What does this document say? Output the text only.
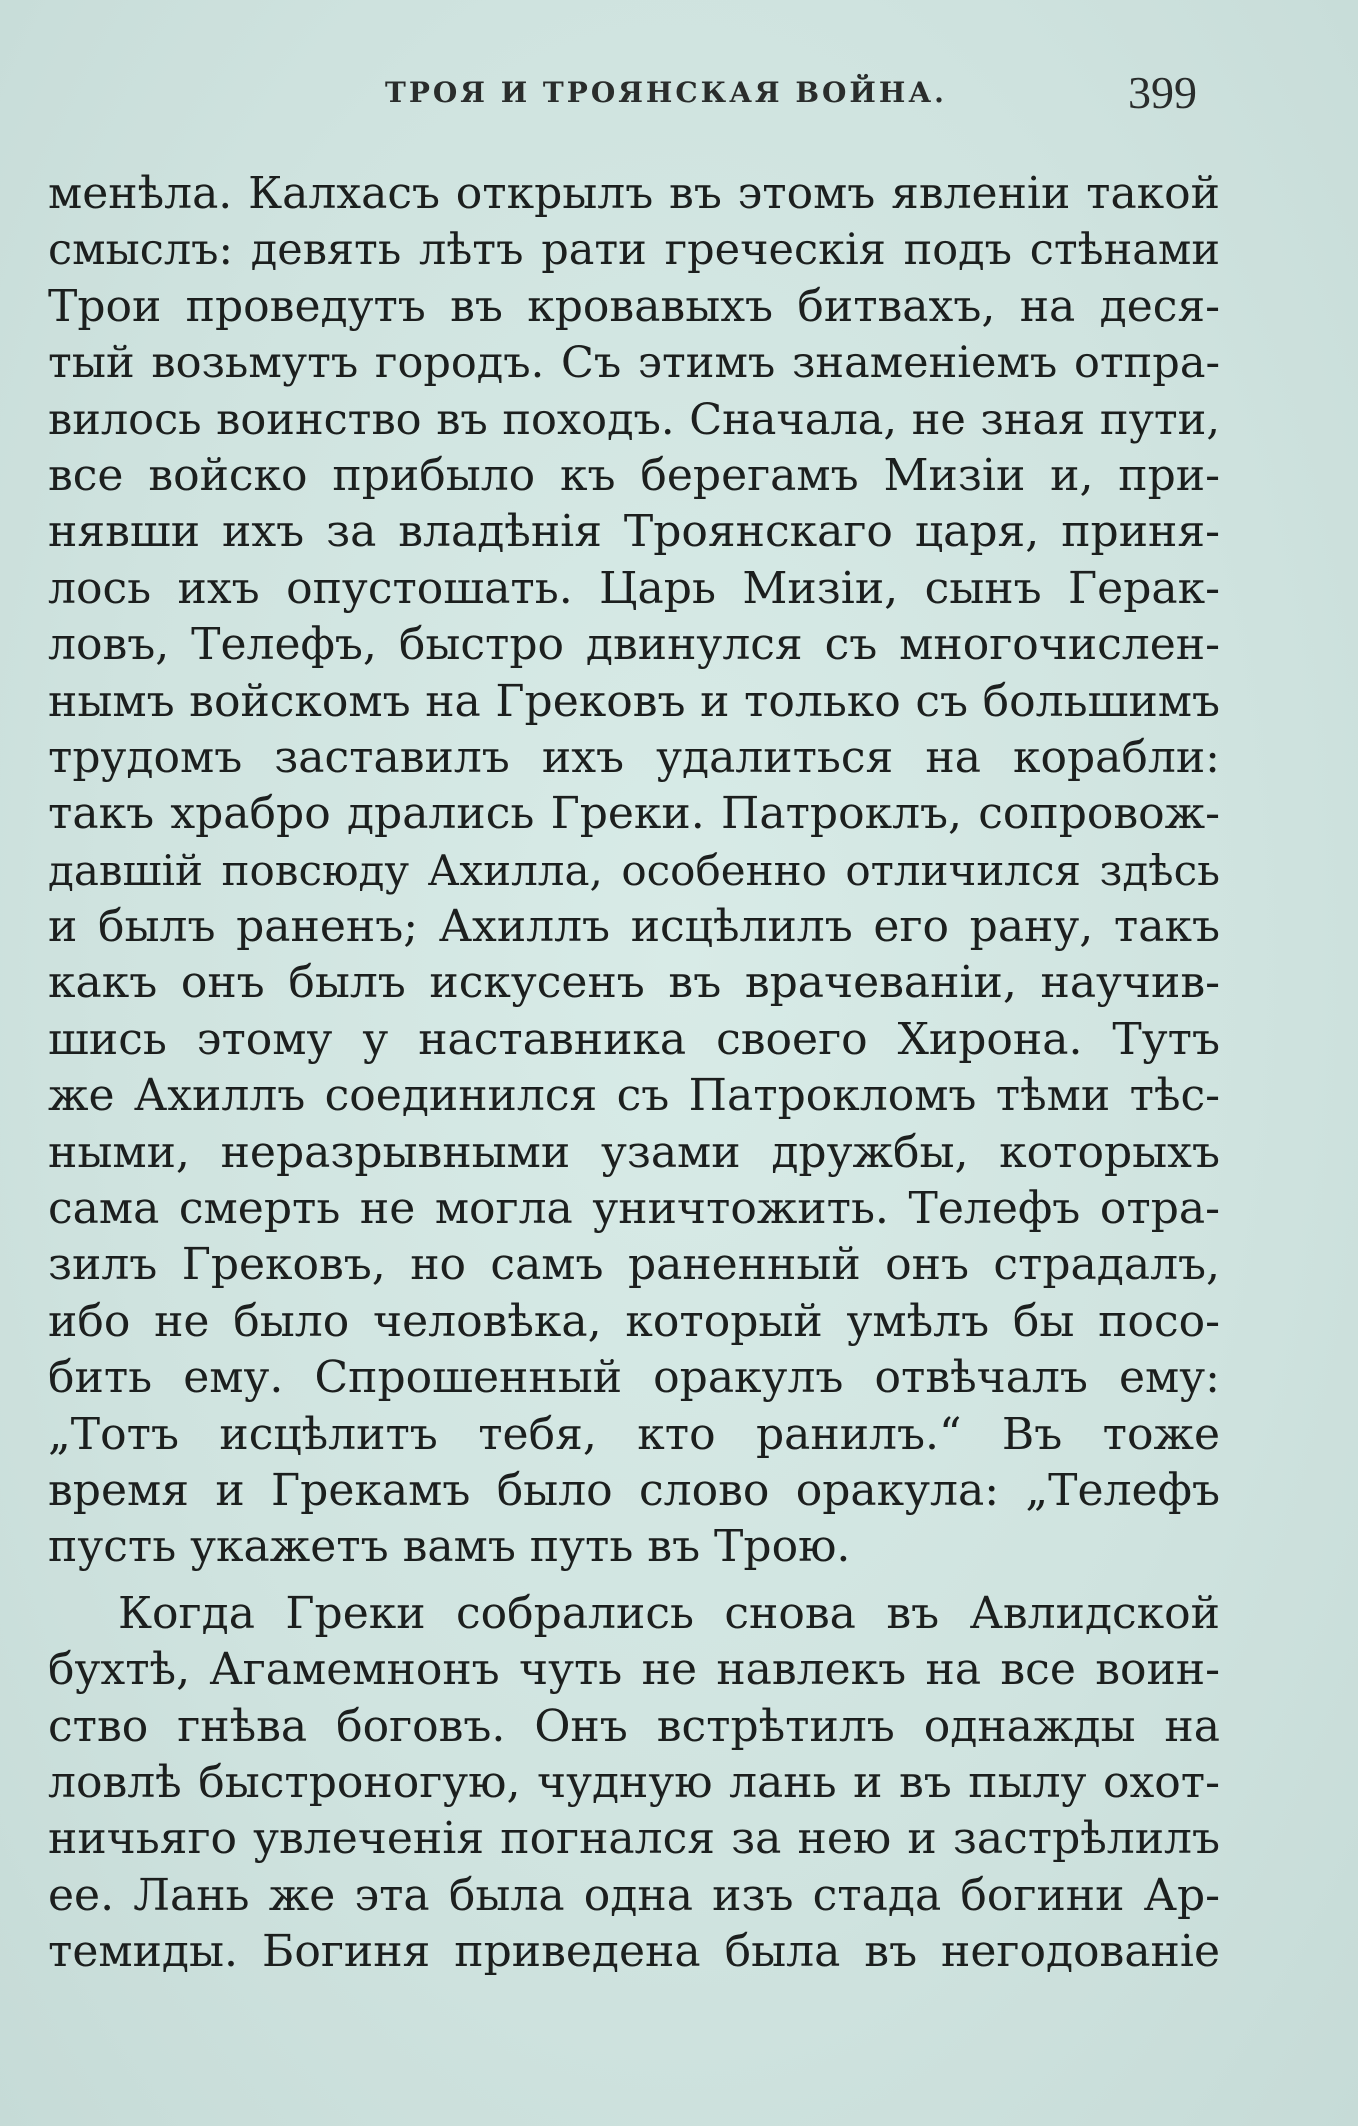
ТРОЯ И ТРОЯНСКАЯ ВОЙНА.	399
менѣла. Калхасъ открылъ въ этомъ явленіи такой
смыслъ: девять лѣтъ рати греческія подъ стѣнами
Трои проведутъ въ кровавыхъ битвахъ, на деся-
тый возьмутъ городъ. Съ этимъ знаменіемъ отпра-
вилось воинство въ походъ. Сначала, не зная пути,
все войско прибыло къ берегамъ Мизіи и, при-
нявши ихъ за владѣнія Троянскаго царя, приня-
лось ихъ опустошать. Царь Мизіи, сынъ Герак-
ловъ, Телефъ, быстро двинулся съ многочислен-
нымъ войскомъ на Грековъ и только съ большимъ
трудомъ заставилъ ихъ удалиться на корабли:
такъ храбро дрались Греки. Патроклъ, сопровож-
давшій повсюду Ахилла, особенно отличился здѣсь
и былъ раненъ; Ахиллъ исцѣлилъ его рану, такъ
какъ онъ былъ искусенъ въ врачеваніи, научив-
шись этому у наставника своего Хирона. Тутъ
же Ахиллъ соединился съ Патрокломъ тѣми тѣс-
ными, неразрывными узами дружбы, которыхъ
сама смерть не могла уничтожить. Телефъ отра-
зилъ Грековъ, но самъ раненный онъ страдалъ,
ибо не было человѣка, который умѣлъ бы посо-
бить ему. Спрошенный оракулъ отвѣчалъ ему:
„Тотъ исцѣлитъ тебя, кто ранилъ.“ Въ тоже
время и Грекамъ было слово оракула: „Телефъ
пусть укажетъ вамъ путь въ Трою.
Когда Греки собрались снова въ Авлидской
бухтѣ, Агамемнонъ чуть не навлекъ на все воин-
ство гнѣва боговъ. Онъ встрѣтилъ однажды на
ловлѣ быстроногую, чудную лань и въ пылу охот-
ничьяго увлеченія погнался за нею и застрѣлилъ
ее. Лань же эта была одна изъ стада богини Ар-
темиды. Богиня приведена была въ негодованіе
